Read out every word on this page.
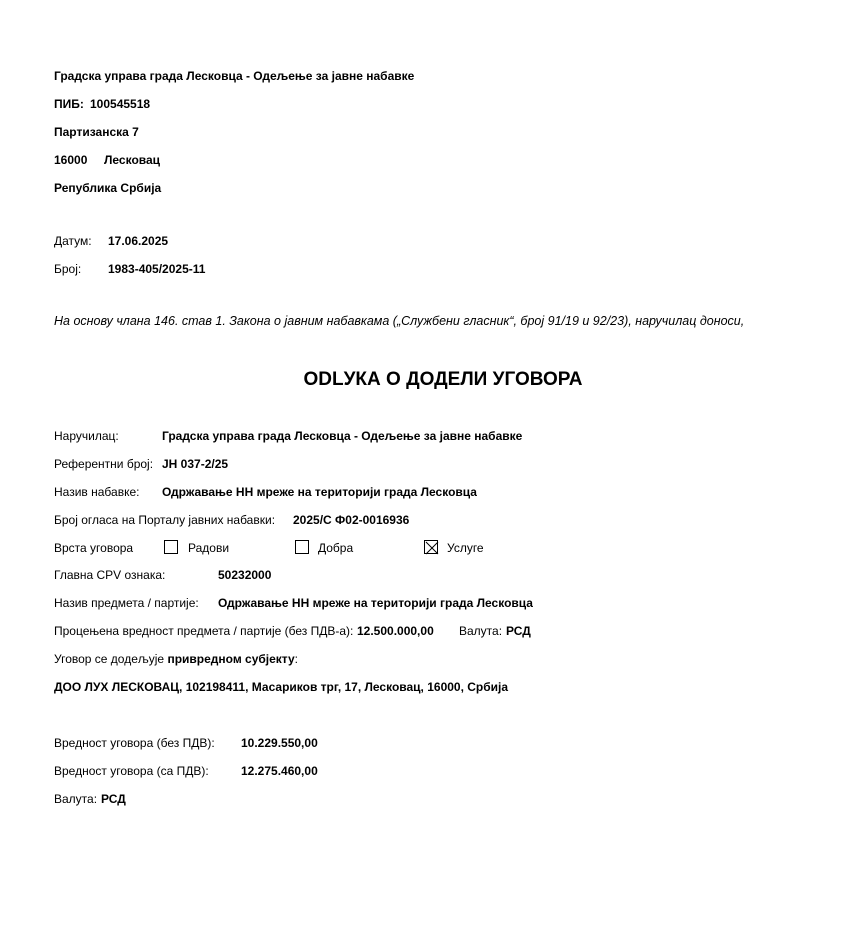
Градска управа града Лесковца - Одељење за јавне набавке
ПИБ: 100545518
Партизанска 7
16000 Лесковац
Република Србија
Датум: 17.06.2025
Број: 1983-405/2025-11
На основу члана 146. став 1. Закона о јавним набавкама („Службени гласник“, број 91/19 и 92/23), наручилац доноси,
ODLУКА О ДОДЕЛИ УГОВОРА
Наручилац:	Градска управа града Лесковца - Одељење за јавне набавке
Референтни број: ЈН 037-2/25
Назив набавке: Одржавање НН мреже на територији града Лесковца
Број огласа на Порталу јавних набавки: 2025/С Ф02-0016936
Врста уговора	Радови	Добра	Услуге
Главна CPV ознака:	50232000
Назив предмета / партије: Одржавање НН мреже на територији града Лесковца
Процењена вредност предмета / партије (без ПДВ-а): 12.500.000,00 Валута: РСД
Уговор се додељује привредном субјекту:
ДОО ЛУХ ЛЕСКОВАЦ, 102198411, Масариков трг, 17, Лесковац, 16000, Србија
Вредност уговора (без ПДВ): 10.229.550,00
Вредност уговора (са ПДВ):	12.275.460,00
Валута: РСД
